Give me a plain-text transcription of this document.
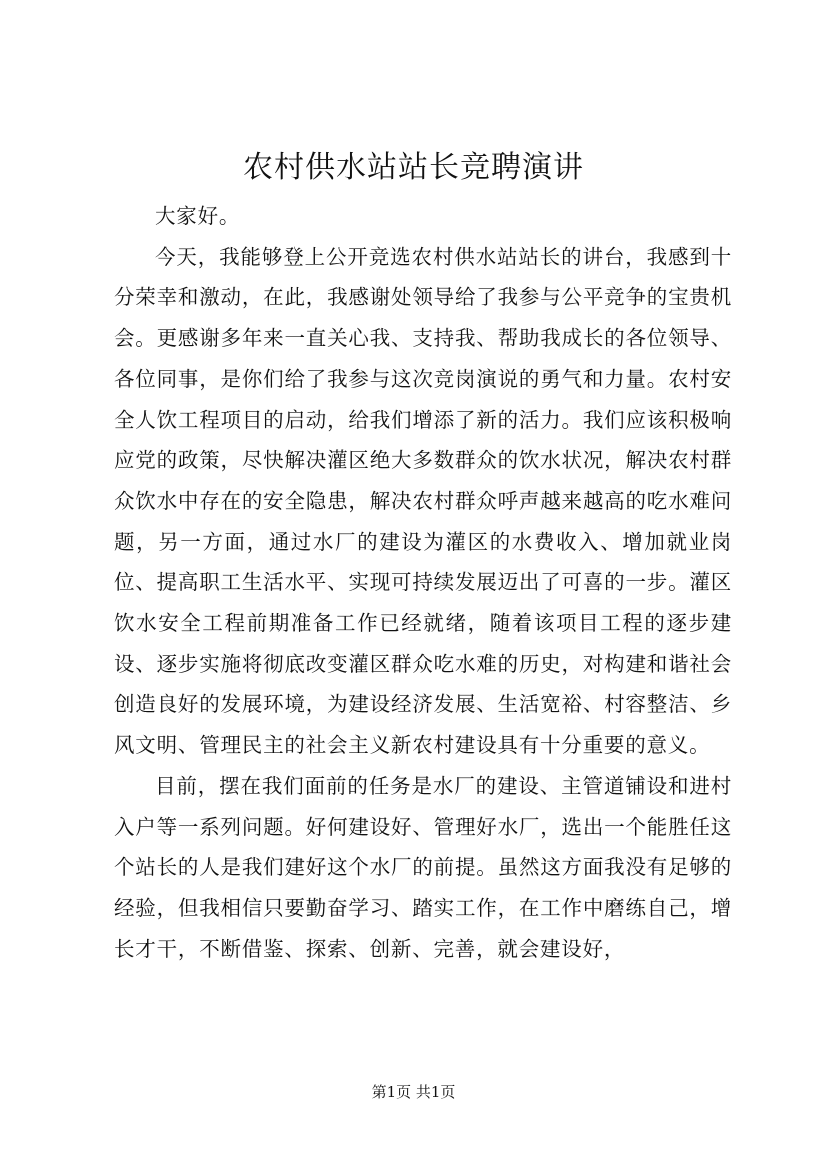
农村供水站站长竞聘演讲

大家好。

今天，我能够登上公开竞选农村供水站站长的讲台，我感到十分荣幸和激动，在此，我感谢处领导给了我参与公平竞争的宝贵机会。更感谢多年来一直关心我、支持我、帮助我成长的各位领导、各位同事，是你们给了我参与这次竞岗演说的勇气和力量。农村安全人饮工程项目的启动，给我们增添了新的活力。我们应该积极响应党的政策，尽快解决灌区绝大多数群众的饮水状况，解决农村群众饮水中存在的安全隐患，解决农村群众呼声越来越高的吃水难问题，另一方面，通过水厂的建设为灌区的水费收入、增加就业岗位、提高职工生活水平、实现可持续发展迈出了可喜的一步。灌区饮水安全工程前期准备工作已经就绪，随着该项目工程的逐步建设、逐步实施将彻底改变灌区群众吃水难的历史，对构建和谐社会创造良好的发展环境，为建设经济发展、生活宽裕、村容整洁、乡风文明、管理民主的社会主义新农村建设具有十分重要的意义。

目前，摆在我们面前的任务是水厂的建设、主管道铺设和进村入户等一系列问题。好何建设好、管理好水厂，选出一个能胜任这个站长的人是我们建好这个水厂的前提。虽然这方面我没有足够的经验，但我相信只要勤奋学习、踏实工作，在工作中磨练自己，增长才干，不断借鉴、探索、创新、完善，就会建设好，

第1页 共1页
